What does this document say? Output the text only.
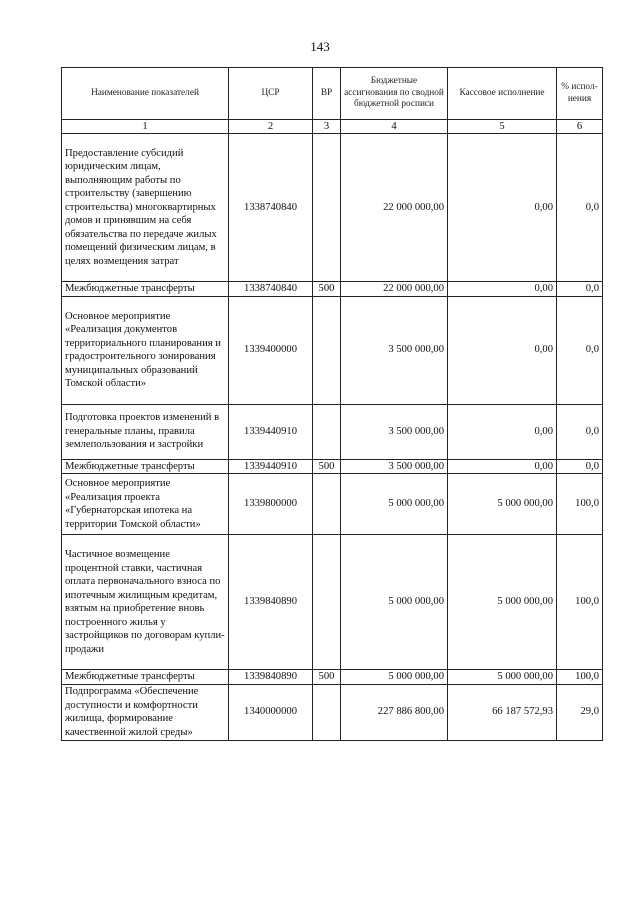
143
Наименование показателей	ЦСР	ВР	Бюджетные ассигнования по сводной бюджетной росписи	Кассовое исполнение	% испол- нения
1	2	3	4	5	6
Предоставление субсидий юридическим лицам, выполняющим работы по строительству (завершению строительства) многоквартирных домов и принявшим на себя обязательства по передаче жилых помещений физическим лицам, в целях возмещения затрат	1338740840		22 000 000,00	0,00	0,0
Межбюджетные трансферты	1338740840	500	22 000 000,00	0,00	0,0
Основное мероприятие «Реализация документов территориального планирования и градостроительного зонирования муниципальных образований Томской области»	1339400000		3 500 000,00	0,00	0,0
Подготовка проектов изменений в генеральные планы, правила землепользования и застройки	1339440910		3 500 000,00	0,00	0,0
Межбюджетные трансферты	1339440910	500	3 500 000,00	0,00	0,0
Основное мероприятие «Реализация проекта «Губернаторская ипотека на территории Томской области»	1339800000		5 000 000,00	5 000 000,00	100,0
Частичное возмещение процентной ставки, частичная оплата первоначального взноса по ипотечным жилищным кредитам, взятым на приобретение вновь построенного жилья у застройщиков по договорам купли-продажи	1339840890		5 000 000,00	5 000 000,00	100,0
Межбюджетные трансферты	1339840890	500	5 000 000,00	5 000 000,00	100,0
Подпрограмма «Обеспечение доступности и комфортности жилища, формирование качественной жилой среды»	1340000000		227 886 800,00	66 187 572,93	29,0
